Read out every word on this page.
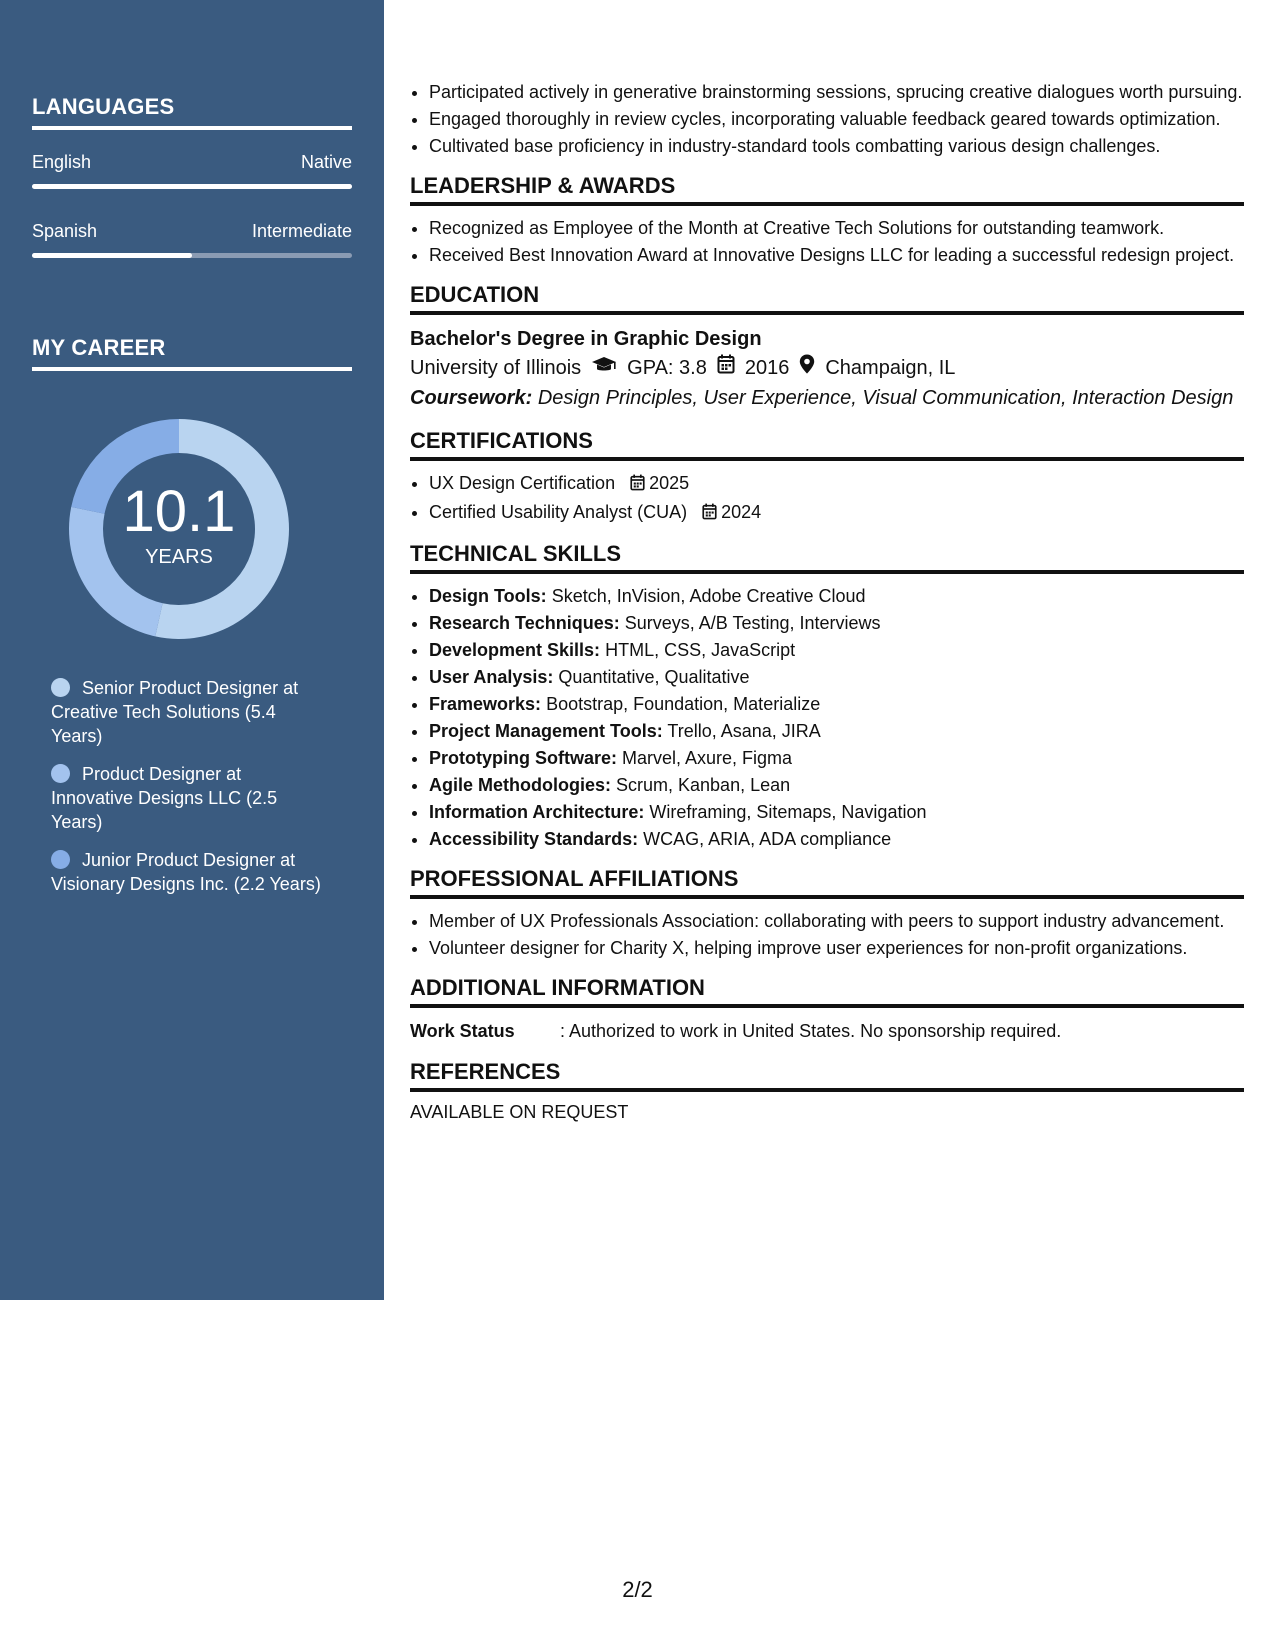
LANGUAGES
English	Native
Spanish	Intermediate
MY CAREER
10.1
YEARS
Senior Product Designer at Creative Tech Solutions (5.4 Years)
Product Designer at Innovative Designs LLC (2.5 Years)
Junior Product Designer at Visionary Designs Inc. (2.2 Years)
• Participated actively in generative brainstorming sessions, sprucing creative dialogues worth pursuing.
• Engaged thoroughly in review cycles, incorporating valuable feedback geared towards optimization.
• Cultivated base proficiency in industry-standard tools combatting various design challenges.
LEADERSHIP & AWARDS
• Recognized as Employee of the Month at Creative Tech Solutions for outstanding teamwork.
• Received Best Innovation Award at Innovative Designs LLC for leading a successful redesign project.
EDUCATION
Bachelor's Degree in Graphic Design
University of Illinois GPA: 3.8 2016 Champaign, IL
Coursework: Design Principles, User Experience, Visual Communication, Interaction Design
CERTIFICATIONS
• UX Design Certification 2025
• Certified Usability Analyst (CUA) 2024
TECHNICAL SKILLS
• Design Tools: Sketch, InVision, Adobe Creative Cloud
• Research Techniques: Surveys, A/B Testing, Interviews
• Development Skills: HTML, CSS, JavaScript
• User Analysis: Quantitative, Qualitative
• Frameworks: Bootstrap, Foundation, Materialize
• Project Management Tools: Trello, Asana, JIRA
• Prototyping Software: Marvel, Axure, Figma
• Agile Methodologies: Scrum, Kanban, Lean
• Information Architecture: Wireframing, Sitemaps, Navigation
• Accessibility Standards: WCAG, ARIA, ADA compliance
PROFESSIONAL AFFILIATIONS
• Member of UX Professionals Association: collaborating with peers to support industry advancement.
• Volunteer designer for Charity X, helping improve user experiences for non-profit organizations.
ADDITIONAL INFORMATION
Work Status	: Authorized to work in United States. No sponsorship required.
REFERENCES
AVAILABLE ON REQUEST
2/2
